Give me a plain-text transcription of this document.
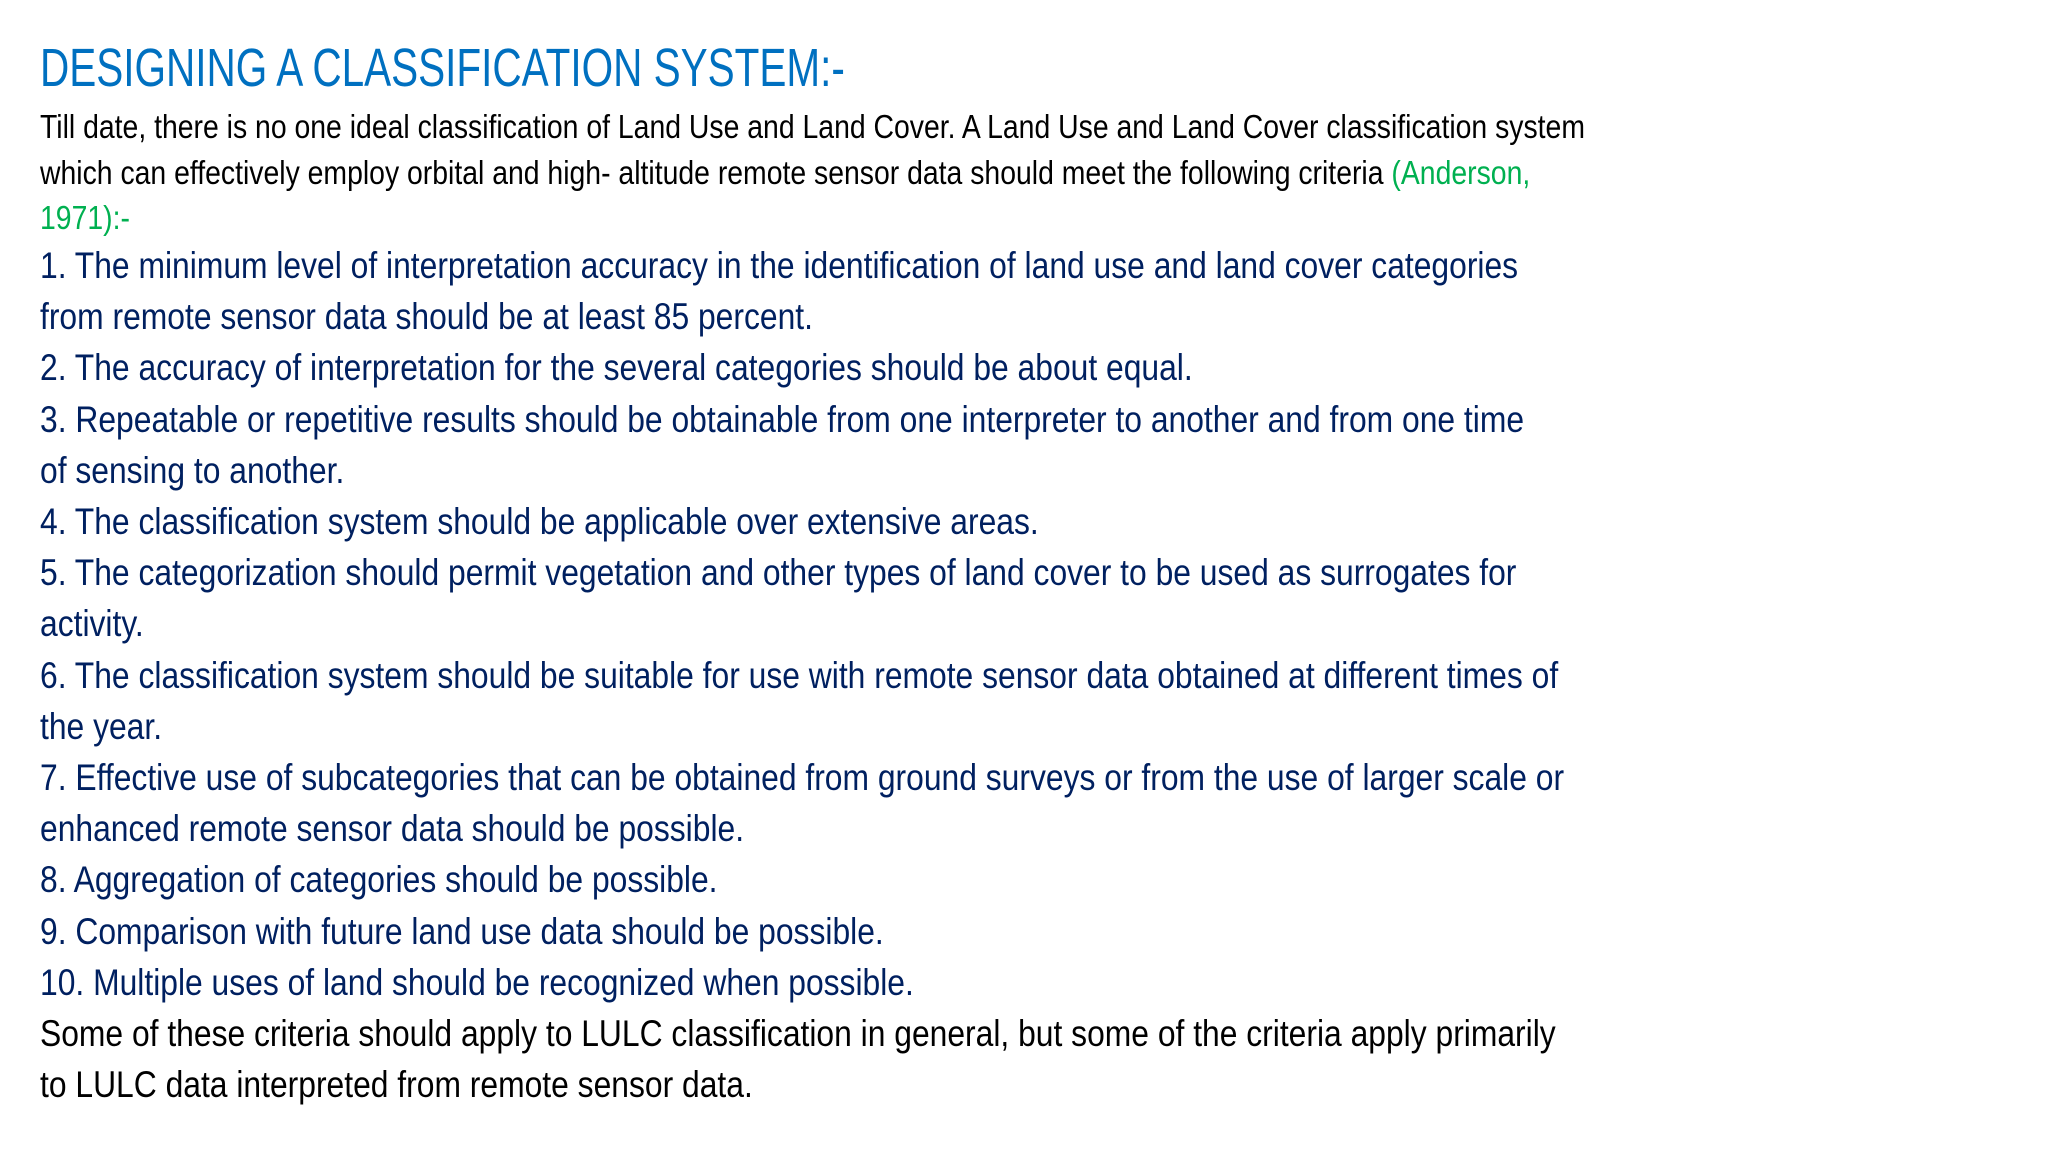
DESIGNING A CLASSIFICATION SYSTEM:-
Till date, there is no one ideal classification of Land Use and Land Cover. A Land Use and Land Cover classification system
which can effectively employ orbital and high- altitude remote sensor data should meet the following criteria (Anderson,
1971):-
1. The minimum level of interpretation accuracy in the identification of land use and land cover categories
from remote sensor data should be at least 85 percent.
2. The accuracy of interpretation for the several categories should be about equal.
3. Repeatable or repetitive results should be obtainable from one interpreter to another and from one time
of sensing to another.
4. The classification system should be applicable over extensive areas.
5. The categorization should permit vegetation and other types of land cover to be used as surrogates for
activity.
6. The classification system should be suitable for use with remote sensor data obtained at different times of
the year.
7. Effective use of subcategories that can be obtained from ground surveys or from the use of larger scale or
enhanced remote sensor data should be possible.
8. Aggregation of categories should be possible.
9. Comparison with future land use data should be possible.
10. Multiple uses of land should be recognized when possible.
Some of these criteria should apply to LULC classification in general, but some of the criteria apply primarily
to LULC data interpreted from remote sensor data.
